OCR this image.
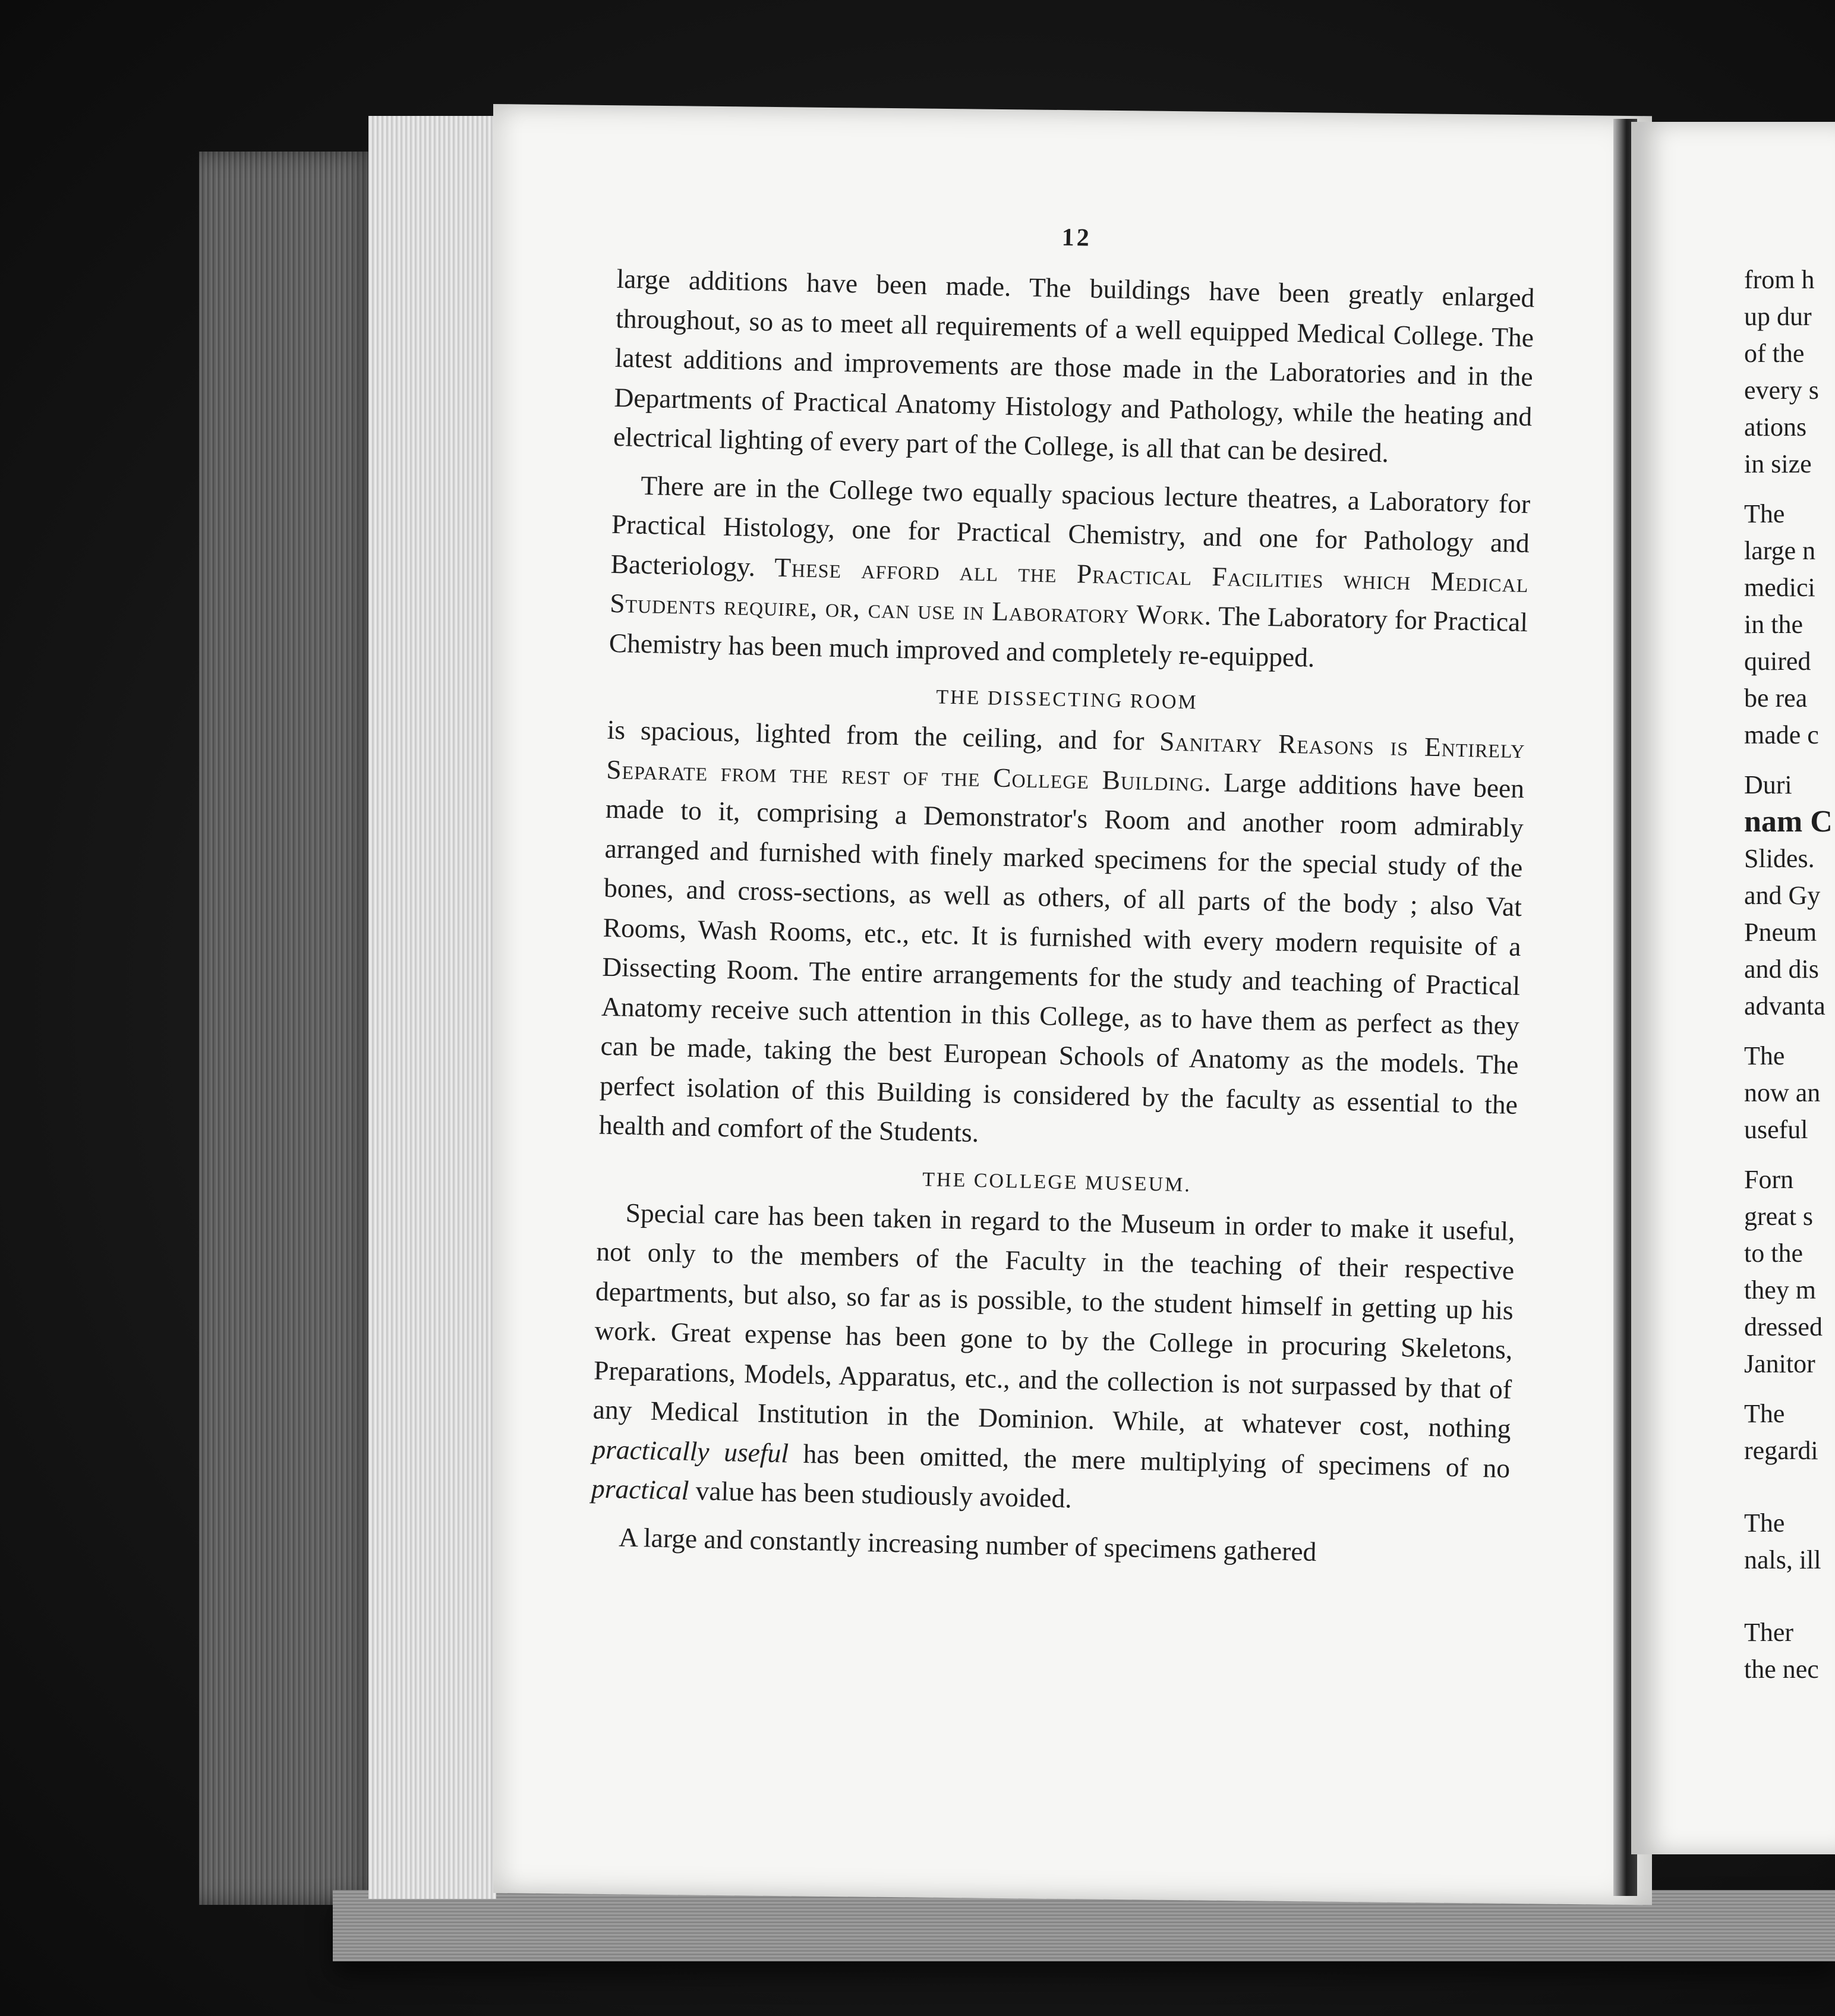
12

large additions have been made. The buildings have been greatly enlarged throughout, so as to meet all requirements of a well equipped Medical College. The latest additions and improvements are those made in the Laboratories and in the Departments of Practical Anatomy Histology and Pathology, while the heating and electrical lighting of every part of the College, is all that can be desired.

There are in the College two equally spacious lecture theatres, a Laboratory for Practical Histology, one for Practical Chemistry, and one for Pathology and Bacteriology. These afford all the Practical Facilities which Medical Students require, or, can use in Laboratory Work. The Laboratory for Practical Chemistry has been much improved and completely re-equipped.

THE DISSECTING ROOM

is spacious, lighted from the ceiling, and for Sanitary Reasons is Entirely Separate from the rest of the College Building. Large additions have been made to it, comprising a Demonstrator's Room and another room admirably arranged and furnished with finely marked specimens for the special study of the bones, and cross-sections, as well as others, of all parts of the body ; also Vat Rooms, Wash Rooms, etc., etc. It is furnished with every modern requisite of a Dissecting Room. The entire arrangements for the study and teaching of Practical Anatomy receive such attention in this College, as to have them as perfect as they can be made, taking the best European Schools of Anatomy as the models. The perfect isolation of this Building is considered by the faculty as essential to the health and comfort of the Students.

THE COLLEGE MUSEUM.

Special care has been taken in regard to the Museum in order to make it useful, not only to the members of the Faculty in the teaching of their respective departments, but also, so far as is possible, to the student himself in getting up his work. Great expense has been gone to by the College in procuring Skeletons, Preparations, Models, Apparatus, etc., and the collection is not surpassed by that of any Medical Institution in the Dominion. While, at whatever cost, nothing practically useful has been omitted, the mere multiplying of specimens of no practical value has been studiously avoided.

A large and constantly increasing number of specimens gathered

from h
up dur
of the
every s
ations
in size
The
large n
medici
in the
quired
be rea
made c
Duri
nam C
Slides.
and Gy
Pneum
and dis
advanta
The
now an
useful
Forn
great s
to the
they m
dressed
Janitor
The
regardi
The
nals, ill
Ther
the nec
